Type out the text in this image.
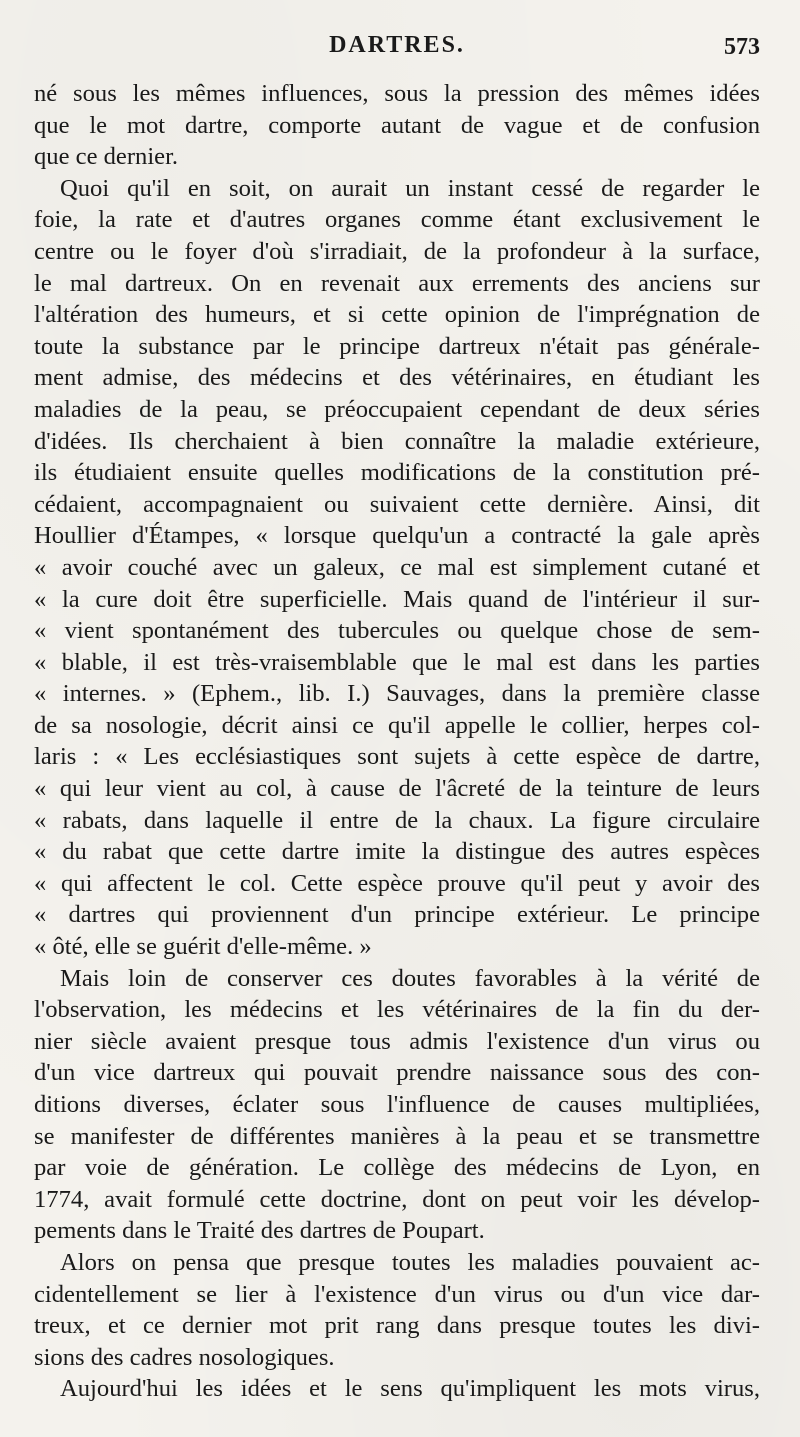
DARTRES.	573
né sous les mêmes influences, sous la pression des mêmes idées
que le mot dartre, comporte autant de vague et de confusion
que ce dernier.
Quoi qu'il en soit, on aurait un instant cessé de regarder le
foie, la rate et d'autres organes comme étant exclusivement le
centre ou le foyer d'où s'irradiait, de la profondeur à la surface,
le mal dartreux. On en revenait aux errements des anciens sur
l'altération des humeurs, et si cette opinion de l'imprégnation de
toute la substance par le principe dartreux n'était pas générale-
ment admise, des médecins et des vétérinaires, en étudiant les
maladies de la peau, se préoccupaient cependant de deux séries
d'idées. Ils cherchaient à bien connaître la maladie extérieure,
ils étudiaient ensuite quelles modifications de la constitution pré-
cédaient, accompagnaient ou suivaient cette dernière. Ainsi, dit
Houllier d'Étampes, « lorsque quelqu'un a contracté la gale après
« avoir couché avec un galeux, ce mal est simplement cutané et
« la cure doit être superficielle. Mais quand de l'intérieur il sur-
« vient spontanément des tubercules ou quelque chose de sem-
« blable, il est très-vraisemblable que le mal est dans les parties
« internes. » (Ephem., lib. I.) Sauvages, dans la première classe
de sa nosologie, décrit ainsi ce qu'il appelle le collier, herpes col-
laris : « Les ecclésiastiques sont sujets à cette espèce de dartre,
« qui leur vient au col, à cause de l'âcreté de la teinture de leurs
« rabats, dans laquelle il entre de la chaux. La figure circulaire
« du rabat que cette dartre imite la distingue des autres espèces
« qui affectent le col. Cette espèce prouve qu'il peut y avoir des
« dartres qui proviennent d'un principe extérieur. Le principe
« ôté, elle se guérit d'elle-même. »
Mais loin de conserver ces doutes favorables à la vérité de
l'observation, les médecins et les vétérinaires de la fin du der-
nier siècle avaient presque tous admis l'existence d'un virus ou
d'un vice dartreux qui pouvait prendre naissance sous des con-
ditions diverses, éclater sous l'influence de causes multipliées,
se manifester de différentes manières à la peau et se transmettre
par voie de génération. Le collège des médecins de Lyon, en
1774, avait formulé cette doctrine, dont on peut voir les dévelop-
pements dans le Traité des dartres de Poupart.
Alors on pensa que presque toutes les maladies pouvaient ac-
cidentellement se lier à l'existence d'un virus ou d'un vice dar-
treux, et ce dernier mot prit rang dans presque toutes les divi-
sions des cadres nosologiques.
Aujourd'hui les idées et le sens qu'impliquent les mots virus,
